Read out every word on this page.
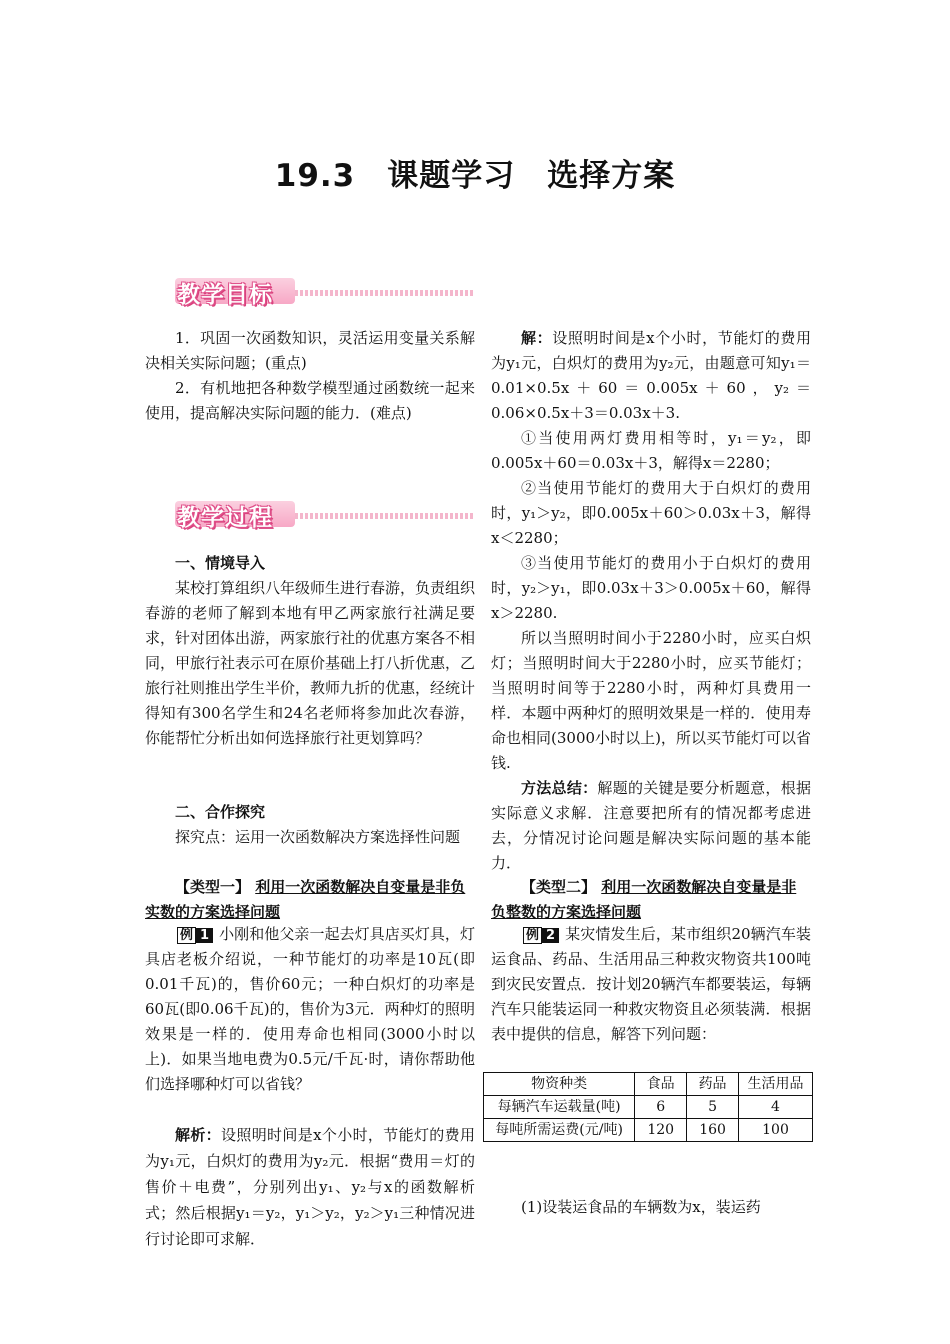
19.3　课题学习　选择方案
教学目标

1．巩固一次函数知识，灵活运用变量关系解决相关实际问题；(重点)

2．有机地把各种数学模型通过函数统一起来使用，提高解决实际问题的能力．(难点)

教学过程

一、情境导入

某校打算组织八年级师生进行春游，负责组织春游的老师了解到本地有甲乙两家旅行社满足要求，针对团体出游，两家旅行社的优惠方案各不相同，甲旅行社表示可在原价基础上打八折优惠，乙旅行社则推出学生半价，教师九折的优惠，经统计得知有300名学生和24名老师将参加此次春游，你能帮忙分析出如何选择旅行社更划算吗？

二、合作探究

探究点：运用一次函数解决方案选择性问题

【类型一】 利用一次函数解决自变量是非负实数的方案选择问题

例 1 小刚和他父亲一起去灯具店买灯具，灯具店老板介绍说，一种节能灯的功率是10瓦(即0.01千瓦)的，售价60元；一种白炽灯的功率是60瓦(即0.06千瓦)的，售价为3元．两种灯的照明效果是一样的．使用寿命也相同(3000小时以上)．如果当地电费为0.5元/千瓦·时，请你帮助他们选择哪种灯可以省钱？

解析：设照明时间是x个小时，节能灯的费用为y₁元，白炽灯的费用为y₂元．根据“费用＝灯的售价＋电费”，分别列出y₁、y₂与x的函数解析式；然后根据y₁＝y₂，y₁＞y₂，y₂＞y₁三种情况进行讨论即可求解．

解：设照明时间是x个小时，节能灯的费用为y₁元，白炽灯的费用为y₂元，由题意可知y₁＝0.01×0.5x＋60＝0.005x＋60，y₂＝0.06×0.5x＋3＝0.03x＋3.

①当使用两灯费用相等时，y₁＝y₂，即0.005x＋60＝0.03x＋3，解得x＝2280；

②当使用节能灯的费用大于白炽灯的费用时，y₁＞y₂，即0.005x＋60＞0.03x＋3，解得x＜2280；

③当使用节能灯的费用小于白炽灯的费用时，y₂＞y₁，即0.03x＋3＞0.005x＋60，解得x＞2280.

所以当照明时间小于2280小时，应买白炽灯；当照明时间大于2280小时，应买节能灯；当照明时间等于2280小时，两种灯具费用一样．本题中两种灯的照明效果是一样的．使用寿命也相同(3000小时以上)，所以买节能灯可以省钱.

方法总结：解题的关键是要分析题意，根据实际意义求解．注意要把所有的情况都考虑进去，分情况讨论问题是解决实际问题的基本能力．

【类型二】 利用一次函数解决自变量是非负整数的方案选择问题

例 2 某灾情发生后，某市组织20辆汽车装运食品、药品、生活用品三种救灾物资共100吨到灾民安置点．按计划20辆汽车都要装运，每辆汽车只能装运同一种救灾物资且必须装满．根据表中提供的信息，解答下列问题：

(1)设装运食品的车辆数为x，装运药

物资种类	食品	药品	生活用品
每辆汽车运载量(吨)	6	5	4
每吨所需运费(元/吨)	120	160	100
